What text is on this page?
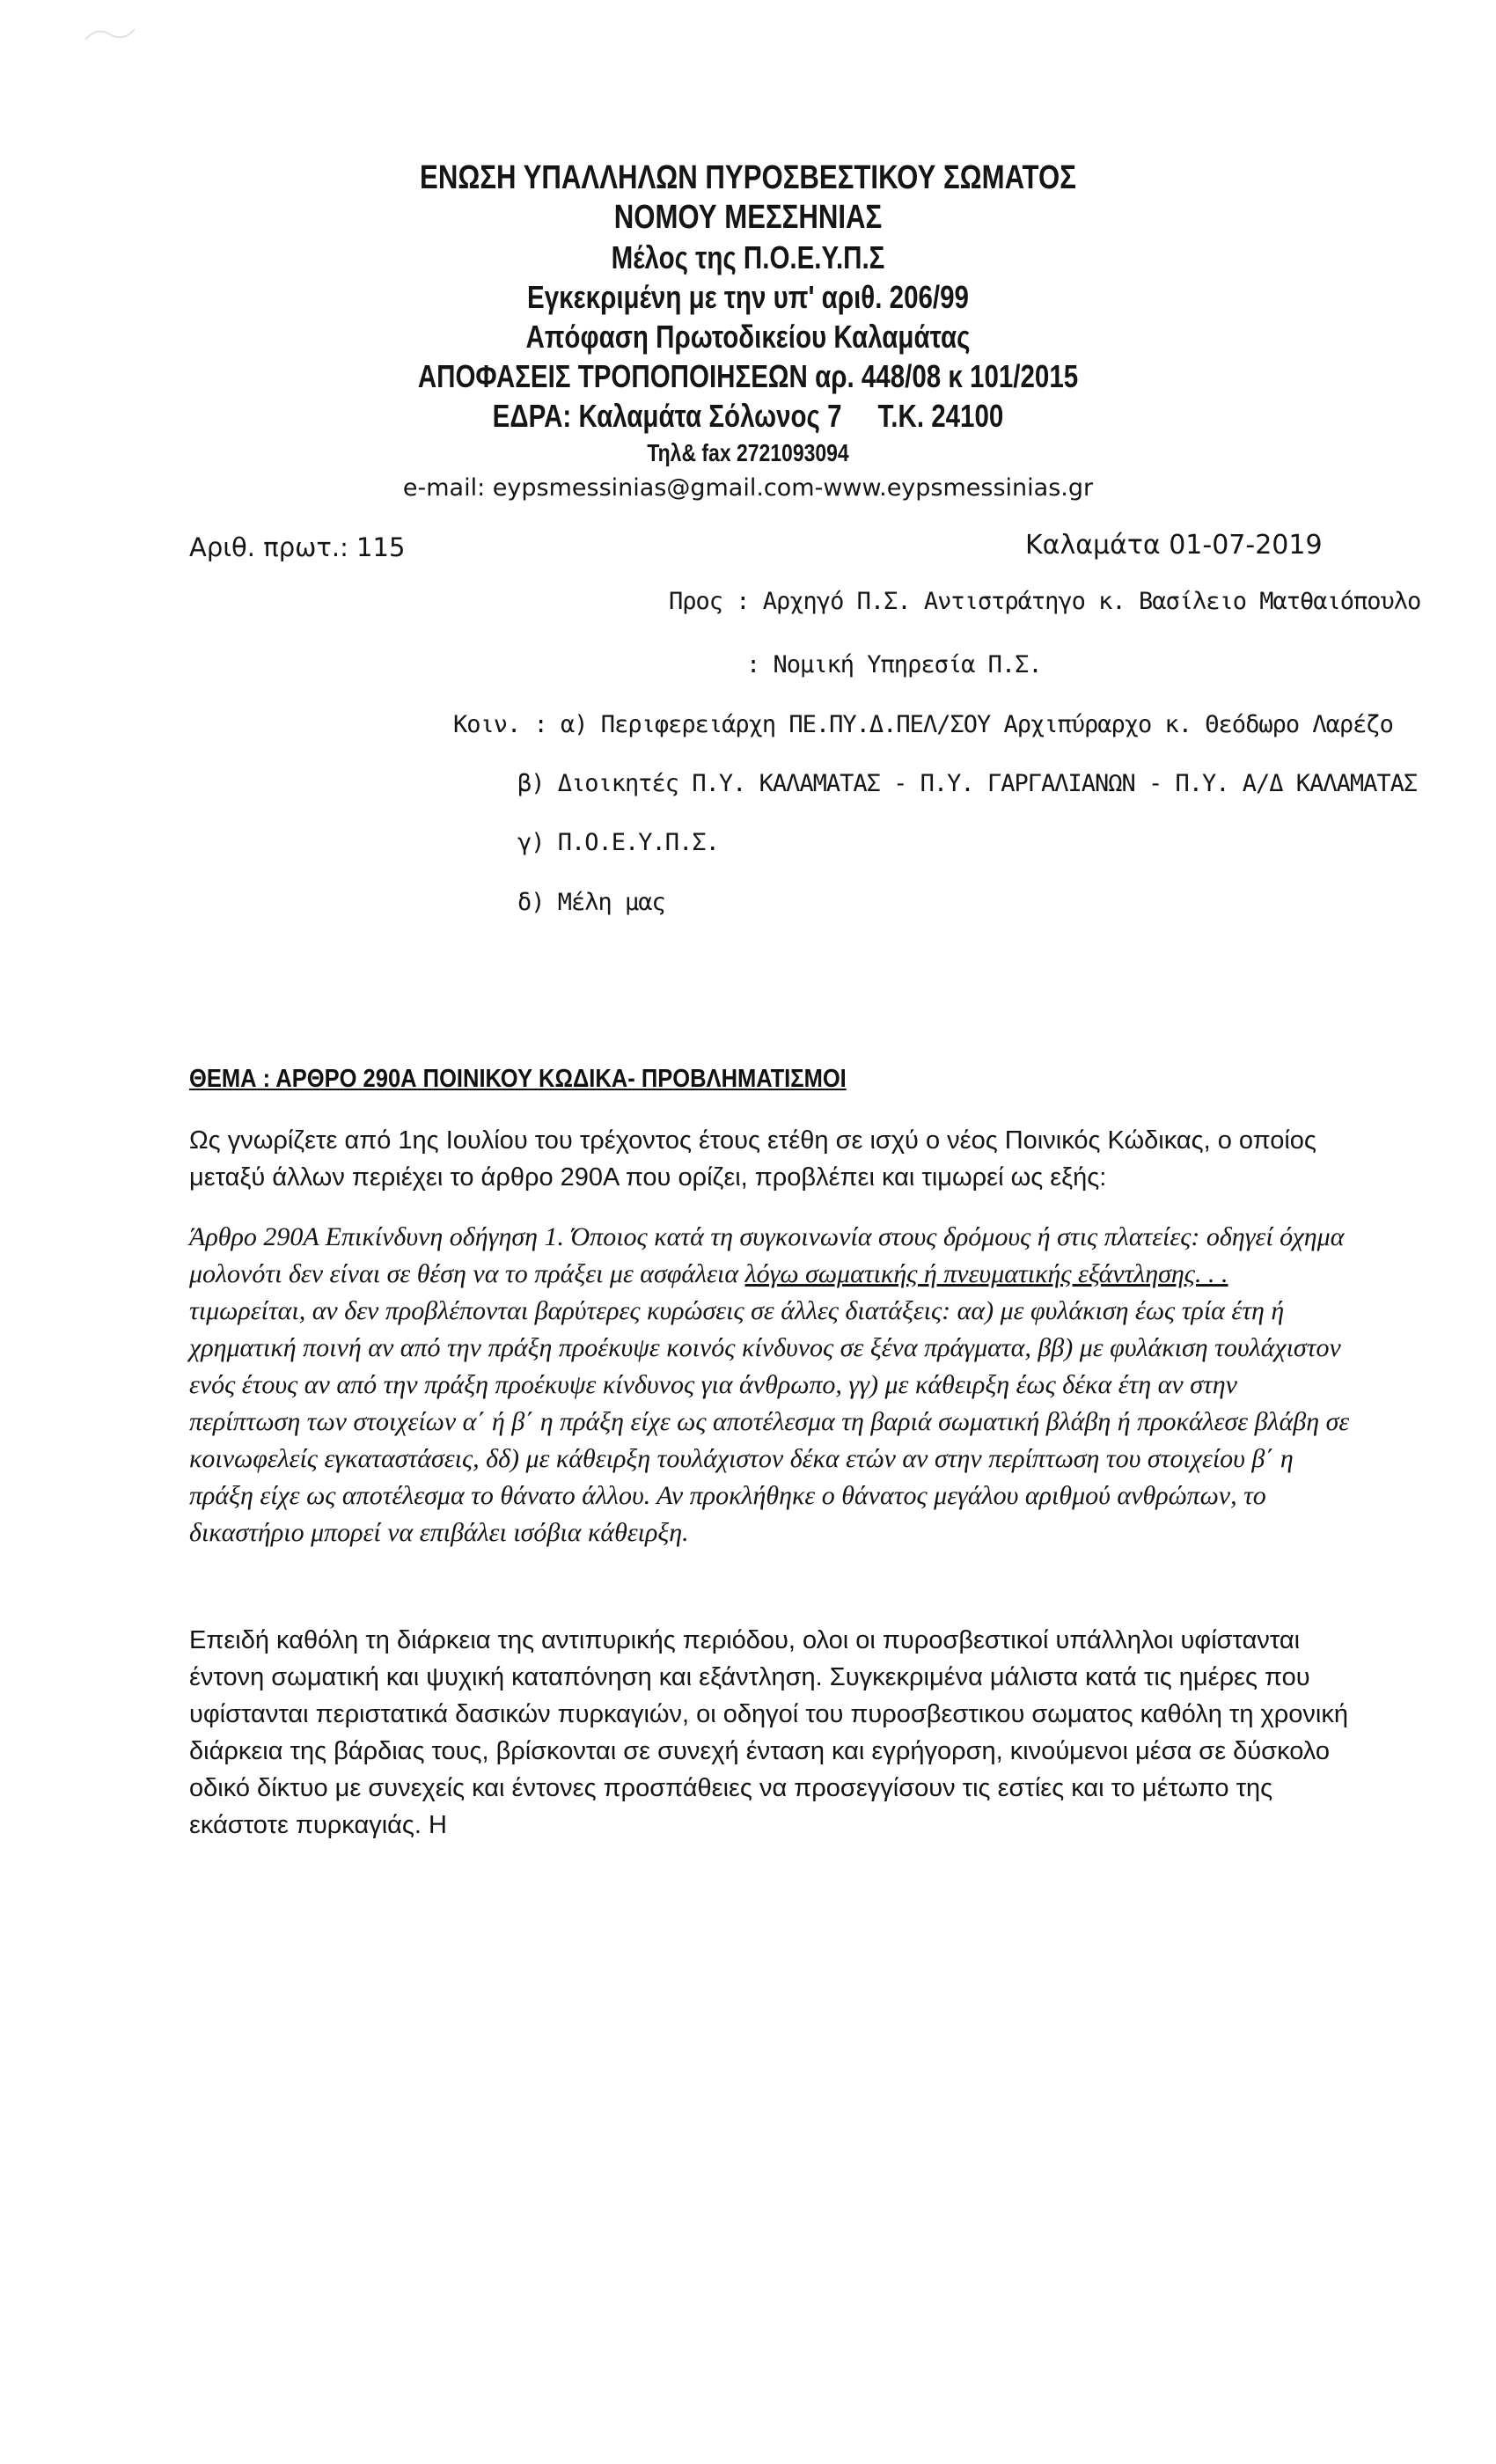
ΕΝΩΣΗ ΥΠΑΛΛΗΛΩΝ ΠΥΡΟΣΒΕΣΤΙΚΟΥ ΣΩΜΑΤΟΣ
ΝΟΜΟΥ ΜΕΣΣΗΝΙΑΣ
Μέλος της Π.Ο.Ε.Υ.Π.Σ
Εγκεκριμένη με την υπ' αριθ. 206/99
Απόφαση Πρωτοδικείου Καλαμάτας
ΑΠΟΦΑΣΕΙΣ ΤΡΟΠΟΠΟΙΗΣΕΩΝ αρ. 448/08 κ 101/2015
ΕΔΡΑ: Καλαμάτα Σόλωνος 7     Τ.Κ. 24100
Τηλ& fax 2721093094
e-mail: eypsmessinias@gmail.com-www.eypsmessinias.gr
Αριθ. πρωτ.: 115	Καλαμάτα 01-07-2019
Προς : Αρχηγό Π.Σ. Αντιστράτηγο κ. Βασίλειο Ματθαιόπουλο
: Νομική Υπηρεσία Π.Σ.
Κοιν. : α) Περιφερειάρχη ΠΕ.ΠΥ.Δ.ΠΕΛ/ΣΟΥ Αρχιπύραρχο κ. Θεόδωρο Λαρέζο
β) Διοικητές Π.Υ. ΚΑΛΑΜΑΤΑΣ - Π.Υ. ΓΑΡΓΑΛΙΑΝΩΝ - Π.Υ. Α/Δ ΚΑΛΑΜΑΤΑΣ
γ) Π.Ο.Ε.Υ.Π.Σ.
δ) Μέλη μας
ΘΕΜΑ : ΑΡΘΡΟ 290Α ΠΟΙΝΙΚΟΥ ΚΩΔΙΚΑ- ΠΡΟΒΛΗΜΑΤΙΣΜΟΙ

Ως γνωρίζετε από 1ης Ιουλίου του τρέχοντος έτους ετέθη σε ισχύ ο νέος Ποινικός Κώδικας, ο οποίος μεταξύ άλλων περιέχει το άρθρο 290Α που ορίζει, προβλέπει και τιμωρεί ως εξής:

Άρθρο 290Α Επικίνδυνη οδήγηση 1. Όποιος κατά τη συγκοινωνία στους δρόμους ή στις πλατείες: οδηγεί όχημα μολονότι δεν είναι σε θέση να το πράξει με ασφάλεια λόγω σωματικής ή πνευματικής εξάντλησης. . . τιμωρείται, αν δεν προβλέπονται βαρύτερες κυρώσεις σε άλλες διατάξεις: αα) με φυλάκιση έως τρία έτη ή χρηματική ποινή αν από την πράξη προέκυψε κοινός κίνδυνος σε ξένα πράγματα, ββ) με φυλάκιση τουλάχιστον ενός έτους αν από την πράξη προέκυψε κίνδυνος για άνθρωπο, γγ) με κάθειρξη έως δέκα έτη αν στην περίπτωση των στοιχείων α΄ ή β΄ η πράξη είχε ως αποτέλεσμα τη βαριά σωματική βλάβη ή προκάλεσε βλάβη σε κοινωφελείς εγκαταστάσεις, δδ) με κάθειρξη τουλάχιστον δέκα ετών αν στην περίπτωση του στοιχείου β΄ η πράξη είχε ως αποτέλεσμα το θάνατο άλλου. Αν προκλήθηκε ο θάνατος μεγάλου αριθμού ανθρώπων, το δικαστήριο μπορεί να επιβάλει ισόβια κάθειρξη.

Επειδή καθόλη τη διάρκεια της αντιπυρικής περιόδου, ολοι οι πυροσβεστικοί υπάλληλοι υφίστανται έντονη σωματική και ψυχική καταπόνηση και εξάντληση. Συγκεκριμένα μάλιστα κατά τις ημέρες που υφίστανται περιστατικά δασικών πυρκαγιών, οι οδηγοί του πυροσβεστικου σωματος καθόλη τη χρονική διάρκεια της βάρδιας τους, βρίσκονται σε συνεχή ένταση και εγρήγορση, κινούμενοι μέσα σε δύσκολο οδικό δίκτυο με συνεχείς και έντονες προσπάθειες να προσεγγίσουν τις εστίες και το μέτωπο της εκάστοτε πυρκαγιάς. Η
